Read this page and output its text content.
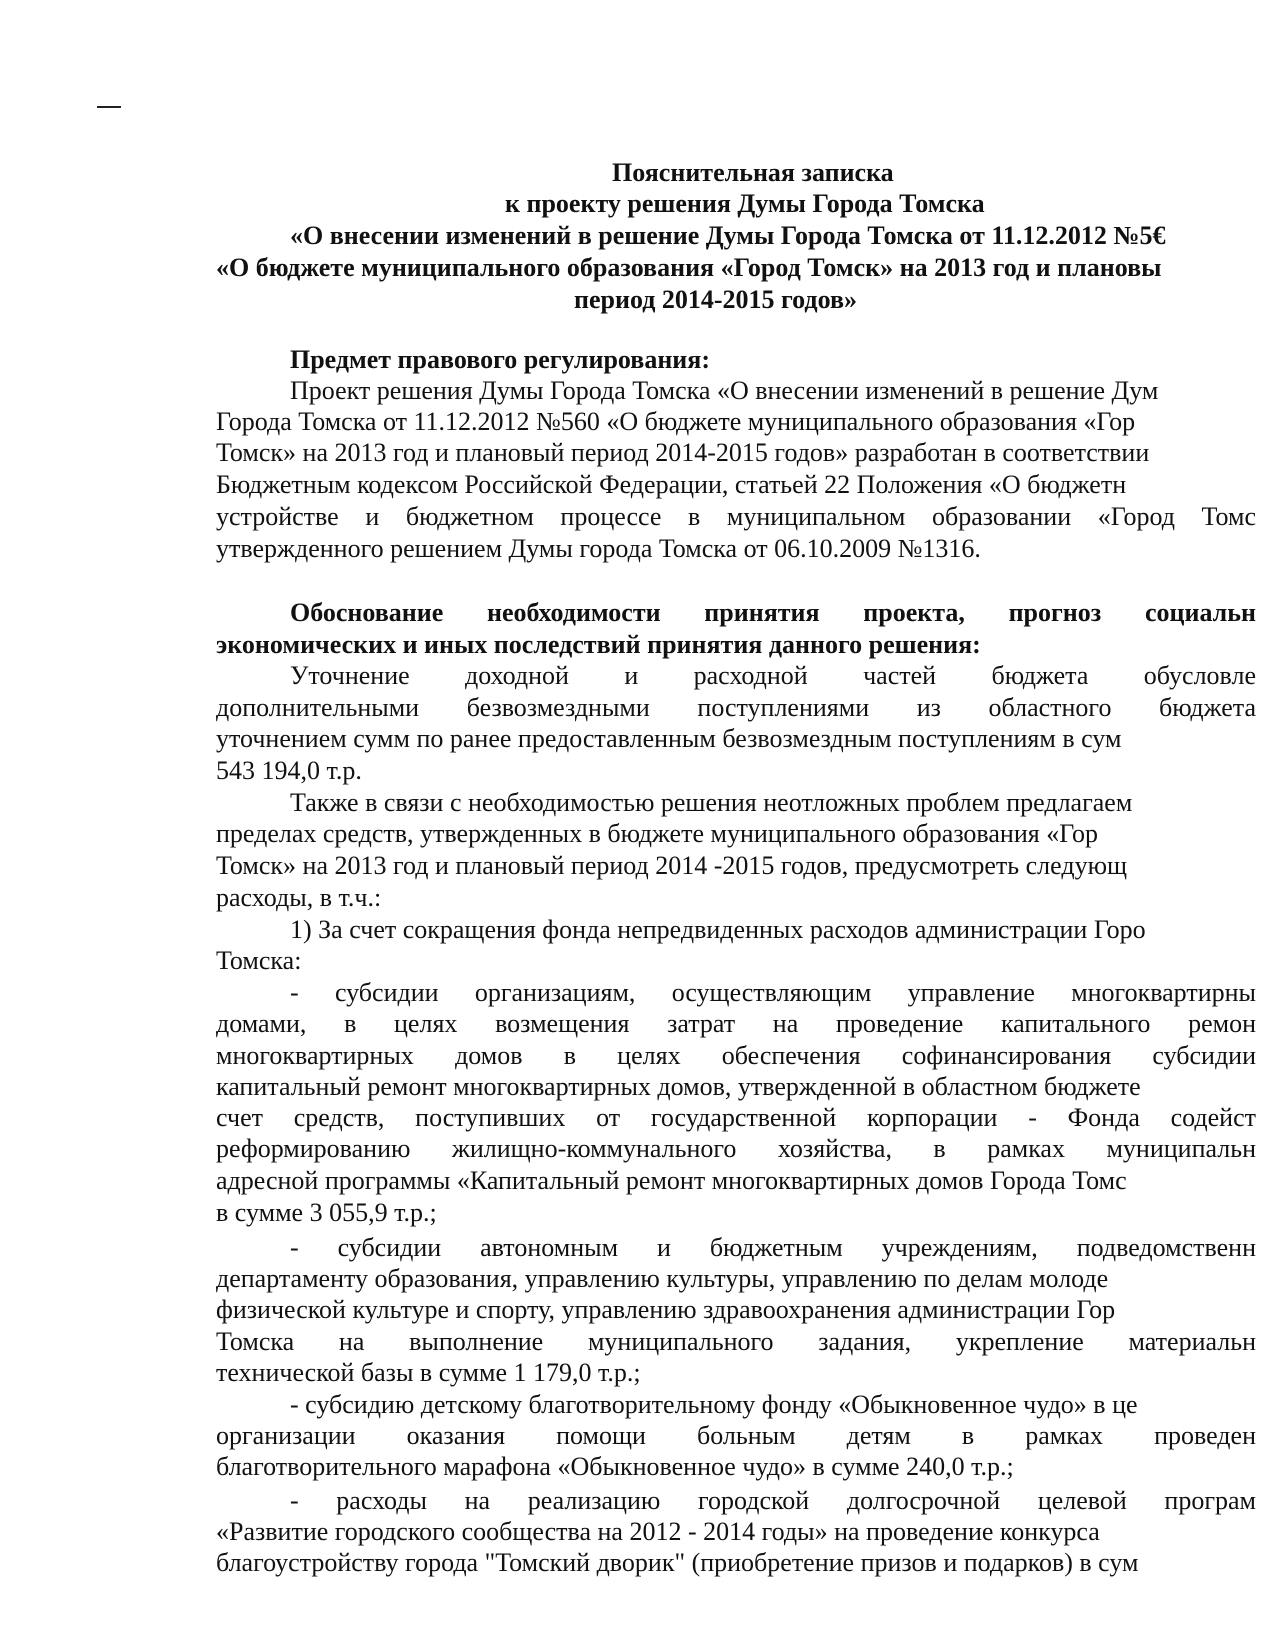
Пояснительная записка
к проекту решения Думы Города Томска
«О внесении изменений в решение Думы Города Томска от 11.12.2012 №5€
«О бюджете муниципального образования «Город Томск» на 2013 год и плановы
период 2014-2015 годов»
Предмет правового регулирования:
Проект решения Думы Города Томска «О внесении изменений в решение Дум
Города Томска от 11.12.2012 №560 «О бюджете муниципального образования «Гор
Томск» на 2013 год и плановый период 2014-2015 годов» разработан в соответствии
Бюджетным кодексом Российской Федерации, статьей 22 Положения «О бюджетн
устройстве и бюджетном процессе в муниципальном образовании «Город Томс
утвержденного решением Думы города Томска от 06.10.2009 №1316.
Обоснование необходимости принятия проекта, прогноз социальн
экономических и иных последствий принятия данного решения:
Уточнение доходной и расходной частей бюджета обусловле
дополнительными безвозмездными поступлениями из областного бюджета
уточнением сумм по ранее предоставленным безвозмездным поступлениям в сум
543 194,0 т.р.
Также в связи с необходимостью решения неотложных проблем предлагаем
пределах средств, утвержденных в бюджете муниципального образования «Гор
Томск» на 2013 год и плановый период 2014 -2015 годов, предусмотреть следующ
расходы, в т.ч.:
1) За счет сокращения фонда непредвиденных расходов администрации Горо
Томска:
- субсидии организациям, осуществляющим управление многоквартирны
домами, в целях возмещения затрат на проведение капитального ремон
многоквартирных домов в целях обеспечения софинансирования субсидии
капитальный ремонт многоквартирных домов, утвержденной в областном бюджете
счет средств, поступивших от государственной корпорации - Фонда содейст
реформированию жилищно-коммунального хозяйства, в рамках муниципальн
адресной программы «Капитальный ремонт многоквартирных домов Города Томс
в сумме 3 055,9 т.р.;
- субсидии автономным и бюджетным учреждениям, подведомственн
департаменту образования, управлению культуры, управлению по делам молоде
физической культуре и спорту, управлению здравоохранения администрации Гор
Томска на выполнение муниципального задания, укрепление материальн
технической базы в сумме 1 179,0 т.р.;
- субсидию детскому благотворительному фонду «Обыкновенное чудо» в це
организации оказания помощи больным детям в рамках проведен
благотворительного марафона «Обыкновенное чудо» в сумме 240,0 т.р.;
- расходы на реализацию городской долгосрочной целевой програм
«Развитие городского сообщества на 2012 - 2014 годы» на проведение конкурса
благоустройству города "Томский дворик" (приобретение призов и подарков) в сум
